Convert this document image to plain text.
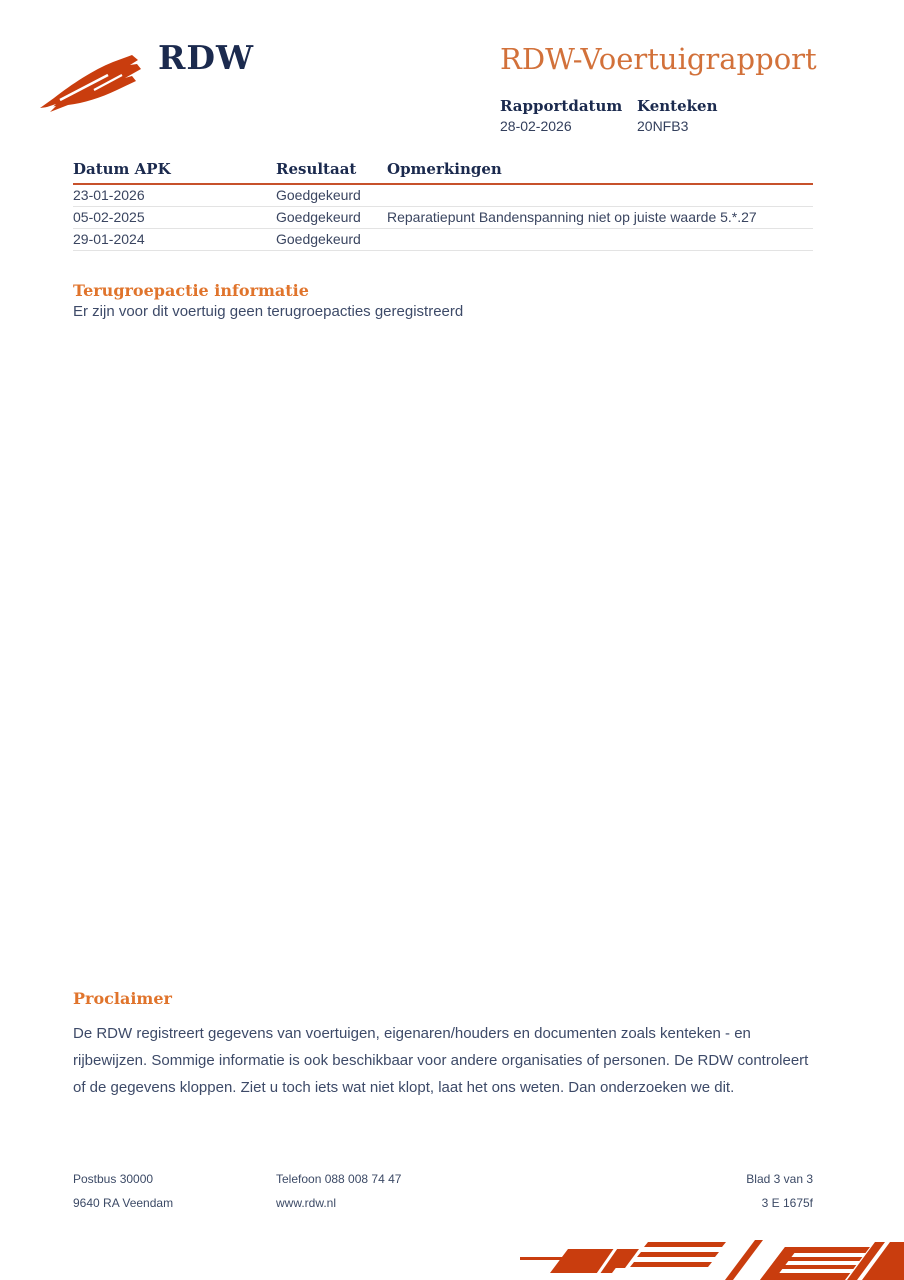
RDW	RDW-Voertuigrapport
Rapportdatum Kenteken
28-02-2026	20NFB3
Datum APK	Resultaat	Opmerkingen
23-01-2026	Goedgekeurd	
05-02-2025	Goedgekeurd	Reparatiepunt Bandenspanning niet op juiste waarde 5.*.27
29-01-2024	Goedgekeurd	
Terugroepactie informatie
Er zijn voor dit voertuig geen terugroepacties geregistreerd
Proclaimer
De RDW registreert gegevens van voertuigen, eigenaren/houders en documenten zoals kenteken - en rijbewijzen. Sommige informatie is ook beschikbaar voor andere organisaties of personen. De RDW controleert of de gegevens kloppen. Ziet u toch iets wat niet klopt, laat het ons weten. Dan onderzoeken we dit.
Postbus 30000
9640 RA Veendam
Telefoon 088 008 74 47
www.rdw.nl
Blad 3 van 3
3 E 1675f
